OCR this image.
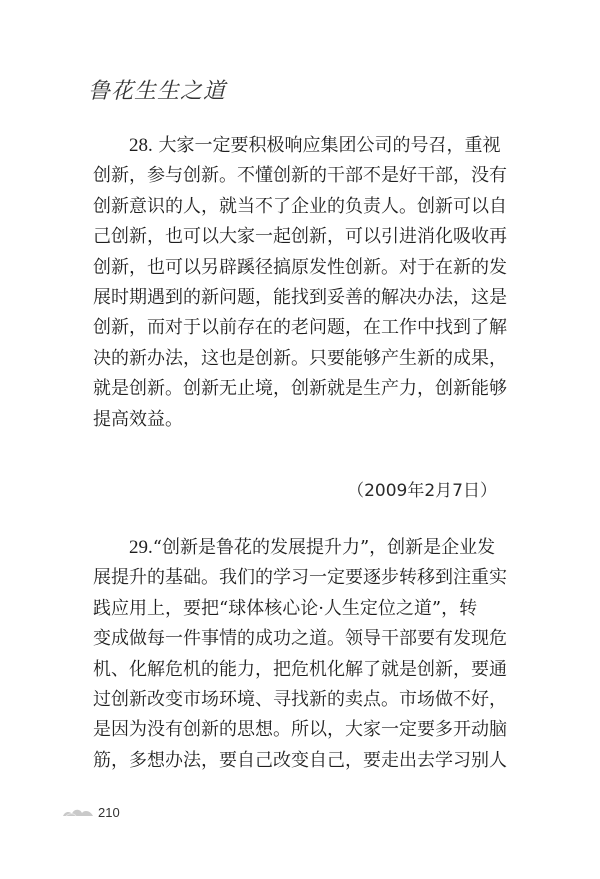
鲁花生生之道
28. 大家一定要积极响应集团公司的号召，重视
创新，参与创新。不懂创新的干部不是好干部，没有
创新意识的人，就当不了企业的负责人。创新可以自
己创新，也可以大家一起创新，可以引进消化吸收再
创新，也可以另辟蹊径搞原发性创新。对于在新的发
展时期遇到的新问题，能找到妥善的解决办法，这是
创新，而对于以前存在的老问题，在工作中找到了解
决的新办法，这也是创新。只要能够产生新的成果，
就是创新。创新无止境，创新就是生产力，创新能够
提高效益。
（2009年2月7日）
29.“创新是鲁花的发展提升力”，创新是企业发
展提升的基础。我们的学习一定要逐步转移到注重实
践应用上，要把“球体核心论·人生定位之道”，转
变成做每一件事情的成功之道。领导干部要有发现危
机、化解危机的能力，把危机化解了就是创新，要通
过创新改变市场环境、寻找新的卖点。市场做不好，
是因为没有创新的思想。所以，大家一定要多开动脑
筋，多想办法，要自己改变自己，要走出去学习别人
210
